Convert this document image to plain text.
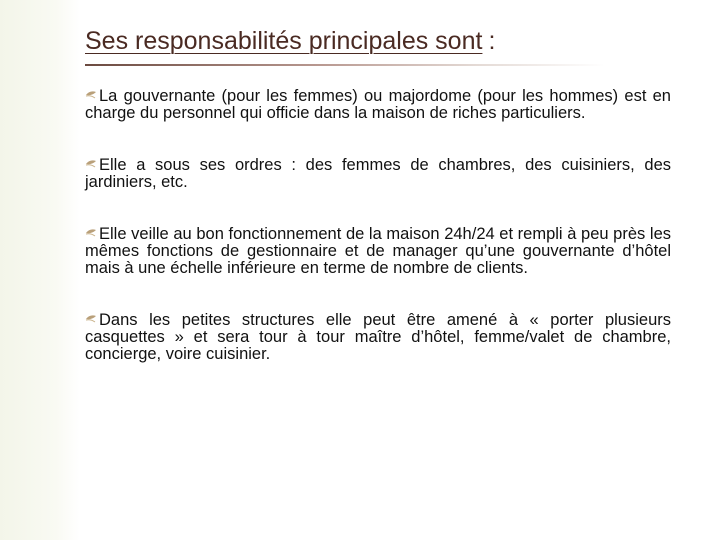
Ses responsabilités principales sont :
La gouvernante (pour les femmes) ou majordome (pour les hommes) est en charge du personnel qui officie dans la maison de riches particuliers.
Elle a sous ses ordres : des femmes de chambres, des cuisiniers, des jardiniers, etc.
Elle veille au bon fonctionnement de la maison 24h/24 et rempli à peu près les mêmes fonctions de gestionnaire et de manager qu’une gouvernante d’hôtel mais à une échelle inférieure en terme de nombre de clients.
Dans les petites structures elle peut être amené à « porter plusieurs casquettes » et sera tour à tour maître d’hôtel, femme/valet de chambre, concierge, voire cuisinier.
